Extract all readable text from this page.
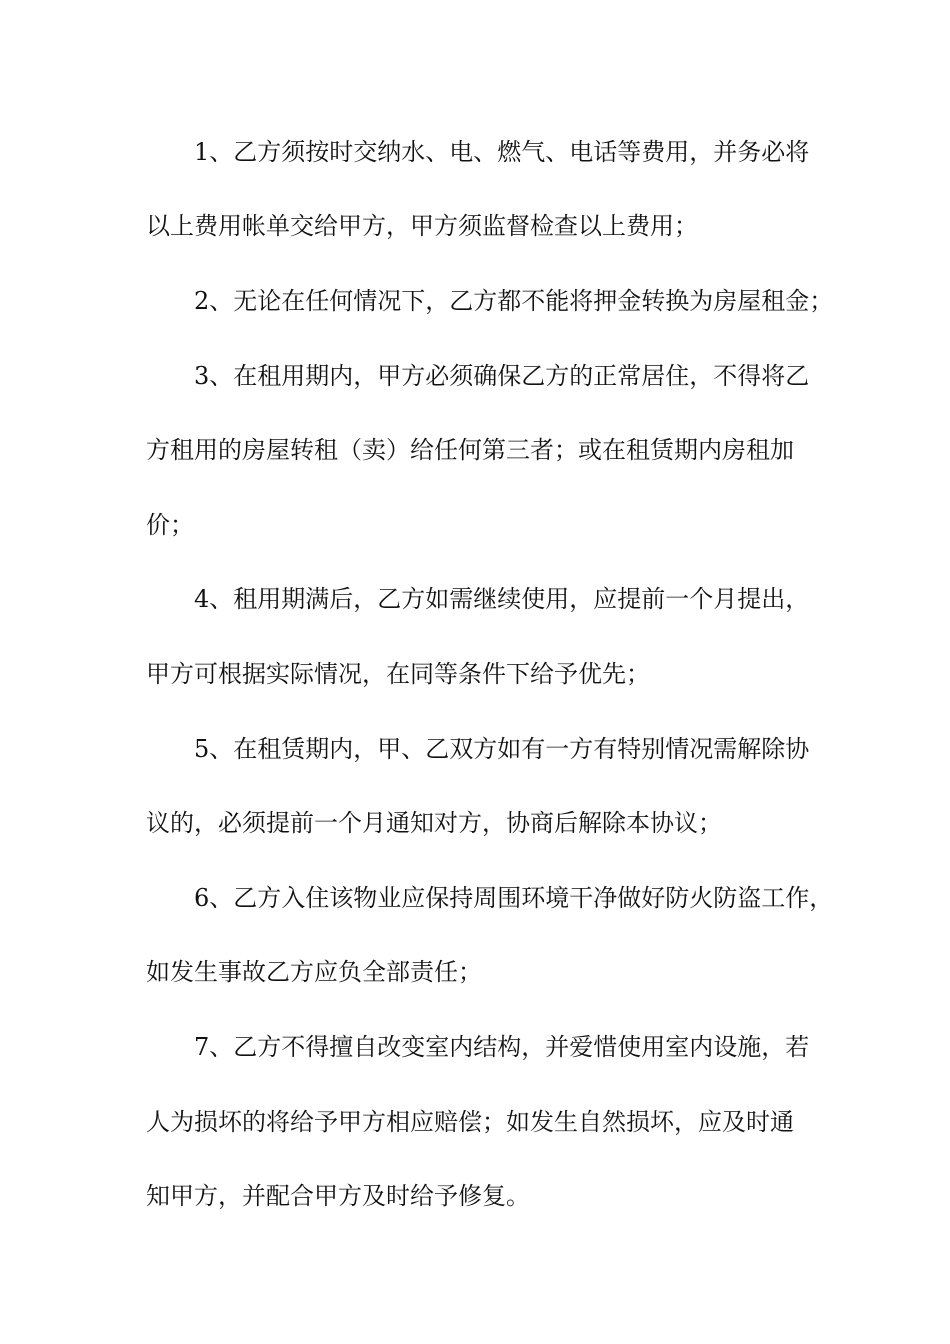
1、乙方须按时交纳水、电、燃气、电话等费用，并务必将
以上费用帐单交给甲方，甲方须监督检查以上费用；
2、无论在任何情况下，乙方都不能将押金转换为房屋租金；
3、在租用期内，甲方必须确保乙方的正常居住，不得将乙
方租用的房屋转租（卖）给任何第三者；或在租赁期内房租加
价；
4、租用期满后，乙方如需继续使用，应提前一个月提出，
甲方可根据实际情况，在同等条件下给予优先；
5、在租赁期内，甲、乙双方如有一方有特别情况需解除协
议的，必须提前一个月通知对方，协商后解除本协议；
6、乙方入住该物业应保持周围环境干净做好防火防盗工作，
如发生事故乙方应负全部责任；
7、乙方不得擅自改变室内结构，并爱惜使用室内设施，若
人为损坏的将给予甲方相应赔偿；如发生自然损坏，应及时通
知甲方，并配合甲方及时给予修复。
